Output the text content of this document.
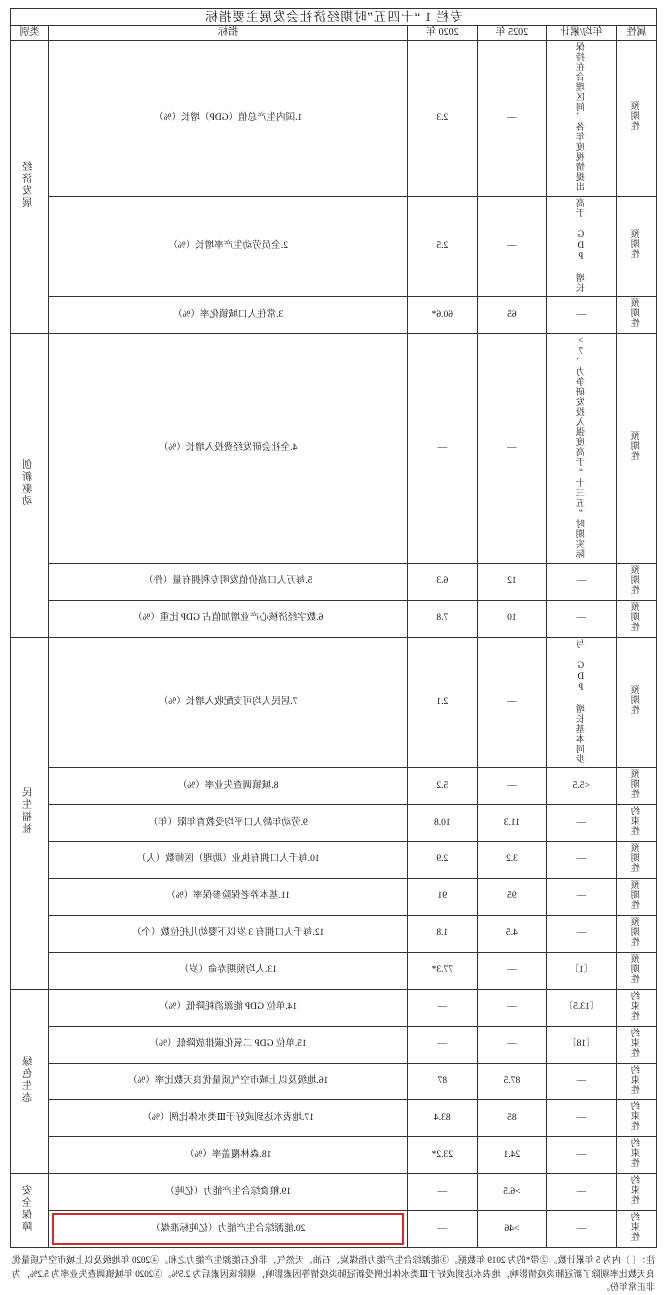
专栏 1 “十四五”时期经济社会发展主要指标					
属性	年均/累计	2025 年	2020 年	指标	类别
预期性	保持在合理区间、各年度视情提出	—	2.3	1.国内生产总值（GDP）增长（%）	经济发展
预期性	高于 GDP 增长	—	2.5	2.全员劳动生产率增长（%）	
预期性	—	65	60.6*	3.常住人口城镇化率（%）	
预期性	>7、力争研发投入强度高于“十三五”时期实际	—	—	4.全社会研发经费投入增长（%）	创新驱动
预期性	—	12	6.3	5.每万人口高价值发明专利拥有量（件）	
预期性	—	10	7.8	6.数字经济核心产业增加值占 GDP 比重（%）	
预期性	与 GDP 增长基本同步	—	2.1	7.居民人均可支配收入增长（%）	民生福祉
预期性	<5.5	—	5.2	8.城镇调查失业率（%）	
约束性	—	11.3	10.8	9.劳动年龄人口平均受教育年限（年）	
预期性	—	3.2	2.9	10.每千人口拥有执业（助理）医师数（人）	
预期性	—	95	91	11.基本养老保险参保率（%）	
预期性	—	4.5	1.8	12.每千人口拥有 3 岁以下婴幼儿托位数（个）	
预期性	〔1〕	—	77.3*	13.人均预期寿命（岁）	
约束性	〔13.5〕	—	—	14.单位 GDP 能源消耗降低（%）	绿色生态
约束性	〔18〕	—	—	15.单位 GDP 二氧化碳排放降低（%）	
约束性	—	87.5	87	16.地级及以上城市空气质量优良天数比率（%）	
约束性	—	85	83.4	17.地表水达到或好于Ⅲ类水体比例（%）	
约束性	—	24.1	23.2*	18.森林覆盖率（%）	
约束性	—	>6.5	—	19.粮食综合生产能力（亿吨）	安全保障
约束性	—	>46	—	20.能源综合生产能力（亿吨标准煤）	

注：〔 〕内为 5 年累计数。②带*的为 2019 年数据。③能源综合生产能力指煤炭、石油、天然气、非化石能源生产能力之和。④2020 年地级及以上城市空气质量优良天数比率剔除了新冠肺炎疫情影响，地表水达到或好于Ⅲ类水体比例受新冠肺炎疫情等因素影响，剔除该因素后为 2.5%。⑤2020 年城镇调查失业率为 5.2%，为非正常年份。
